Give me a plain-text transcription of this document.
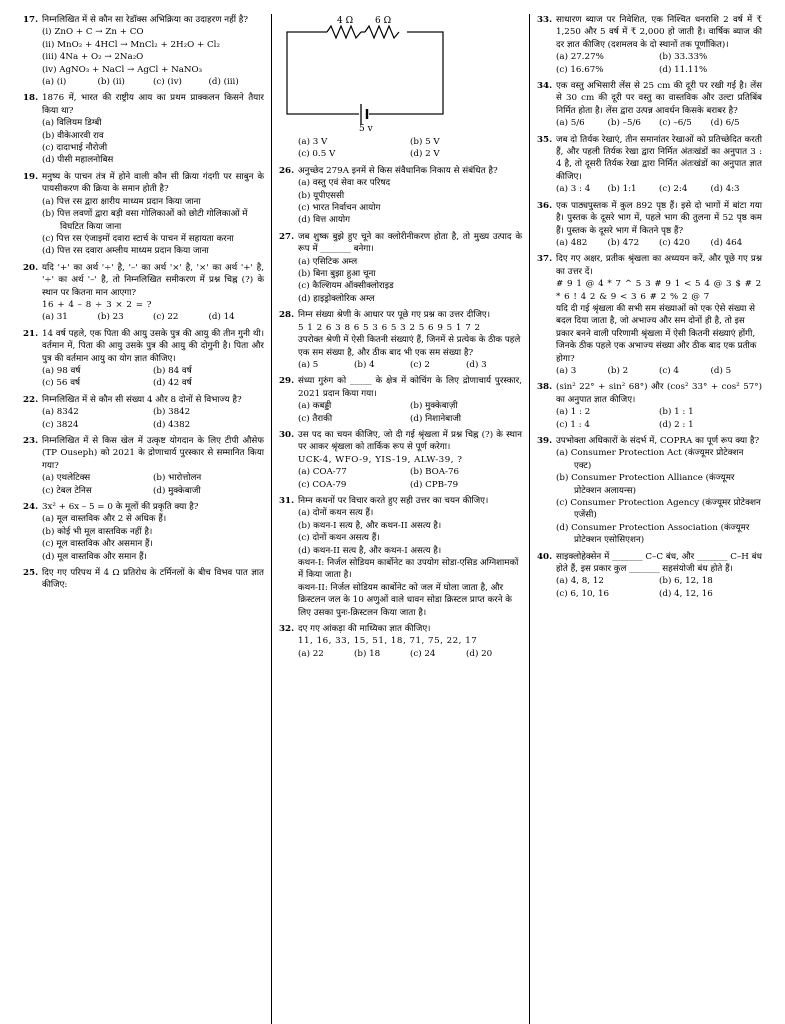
17. निम्नलिखित में से कौन सा रेडॉक्स अभिक्रिया का उदाहरण नहीं है?
(i) ZnO + C → Zn + CO
(ii) MnO₂ + 4HCl → MnCl₂ + 2H₂O + Cl₂
(iii) 4Na + O₂ → 2Na₂O
(iv) AgNO₃ + NaCl → AgCl + NaNO₃
(a) (i)	(b) (ii)	(c) (iv)	(d) (iii)
18. 1876 में, भारत की राष्ट्रीय आय का प्रथम प्राक्कलन किसने तैयार किया था?
(a) विलियम डिग्बी
(b) वीकेआरवी राव
(c) दादाभाई नौरोजी
(d) पीसी महालनोबिस
19. मनुष्य के पाचन तंत्र में होने वाली कौन सी क्रिया गंदगी पर साबुन के पायसीकरण की क्रिया के समान होती है?
(a) पित्त रस द्वारा क्षारीय माध्यम प्रदान किया जाना
(b) पित्त लवणों द्वारा बड़ी वसा गोलिकाओं को छोटी गोलिकाओं में विघटित किया जाना
(c) पित्त रस एंजाइमों दवारा स्टार्च के पाचन में सहायता करना
(d) पित्त रस दवारा अम्लीय माध्यम प्रदान किया जाना
20. यदि '+' का अर्थ '÷' है, '–' का अर्थ '×' है, '×' का अर्थ '+' है, '÷' का अर्थ '–' है, तो निम्नलिखित समीकरण में प्रश्न चिह्न (?) के स्थान पर कितना मान आएगा?
16 + 4 – 8 ÷ 3 × 2 = ?
(a) 31	(b) 23	(c) 22	(d) 14
21. 14 वर्ष पहले, एक पिता की आयु उसके पुत्र की आयु की तीन गुनी थी। वर्तमान में, पिता की आयु उसके पुत्र की आयु की दोगुनी है। पिता और पुत्र की वर्तमान आयु का योग ज्ञात कीजिए।
(a) 98 वर्ष	(b) 84 वर्ष
(c) 56 वर्ष	(d) 42 वर्ष
22. निम्नलिखित में से कौन सी संख्या 4 और 8 दोनों से विभाज्य है?
(a) 8342	(b) 3842
(c) 3824	(d) 4382
23. निम्नलिखित में से किस खेल में उत्कृष्ट योगदान के लिए टीपी औसेफ (TP Ouseph) को 2021 के द्रोणाचार्य पुरस्कार से सम्मानित किया गया?
(a) एथलेटिक्स	(b) भारोत्तोलन
(c) टेबल टेनिस	(d) मुक्केबाजी
24. 3x² + 6x – 5 = 0 के मूलों की प्रकृति क्या है?
(a) मूल वास्तविक और 2 से अधिक हैं।
(b) कोई भी मूल वास्तविक नहीं है।
(c) मूल वास्तविक और असमान हैं।
(d) मूल वास्तविक और समान हैं।
25. दिए गए परिपथ में 4 Ω प्रतिरोध के टर्मिनलों के बीच विभव पात ज्ञात कीजिए:
4 Ω 6 Ω
5 v
(a) 3 V	(b) 5 V
(c) 0.5 V	(d) 2 V
26. अनुच्छेद 279A इनमें से किस संवैधानिक निकाय से संबंधित है?
(a) वस्तु एवं सेवा कर परिषद
(b) यूपीएससी
(c) भारत निर्वाचन आयोग
(d) वित्त आयोग
27. जब शुष्क बुझे हुए चूने का क्लोरीनीकरण होता है, तो मुख्य उत्पाद के रूप में _______ बनेगा।
(a) एसिटिक अम्ल
(b) बिना बुझा हुआ चूना
(c) कैल्शियम ऑक्सीक्लोराइड
(d) हाइड्रोक्लोरिक अम्ल
28. निम्न संख्या श्रेणी के आधार पर पूछे गए प्रश्न का उत्तर दीजिए।
5 1 2 6 3 8 6 5 3 6 5 3 2 5 6 9 5 1 7 2
उपरोक्त श्रेणी में ऐसी कितनी संख्याएं हैं, जिनमें से प्रत्येक के ठीक पहले एक सम संख्या है, और ठीक बाद भी एक सम संख्या है?
(a) 5	(b) 4	(c) 2	(d) 3
29. संध्या गुरुंग को _____ के क्षेत्र में कोचिंग के लिए द्रोणाचार्य पुरस्कार, 2021 प्रदान किया गया।
(a) कबड्डी	(b) मुक्केबाज़ी
(c) तैराकी	(d) निशानेबाजी
30. उस पद का चयन कीजिए, जो दी गई श्रृंखला में प्रश्न चिह्न (?) के स्थान पर आकर श्रृंखला को तार्किक रूप से पूर्ण करेगा।
UCK-4, WFO-9, YIS-19, ALW-39, ?
(a) COA-77	(b) BOA-76
(c) COA-79	(d) CPB-79
31. निम्न कथनों पर विचार करते हुए सही उत्तर का चयन कीजिए।
(a) दोनों कथन सत्य हैं।
(b) कथन-I सत्य है, और कथन-II असत्य है।
(c) दोनों कथन असत्य हैं।
(d) कथन-II सत्य है, और कथन-I असत्य है।
कथन-I: निर्जल सोडियम कार्बोनेट का उपयोग सोडा-एसिड अग्निशामकों में किया जाता है।
कथन-II: निर्जल सोडियम कार्बोनेट को जल में घोला जाता है, और क्रिस्टलन जल के 10 अणुओं वाले धावन सोडा क्रिस्टल प्राप्त करने के लिए उसका पुनः-क्रिस्टलन किया जाता है।
32. दए गए आंकड़ा की माध्यिका ज्ञात कीजिए।
11, 16, 33, 15, 51, 18, 71, 75, 22, 17
(a) 22	(b) 18	(c) 24	(d) 20
33. साधारण ब्याज पर निवेशित, एक निश्चित धनराशि 2 वर्ष में ₹ 1,250 और 5 वर्ष में ₹ 2,000 हो जाती है। वार्षिक ब्याज की दर ज्ञात कीजिए (दशमलव के दो स्थानों तक पूर्णांकित)।
(a) 27.27%	(b) 33.33%
(c) 16.67%	(d) 11.11%
34. एक वस्तु अभिसारी लेंस से 25 cm की दूरी पर रखी गई है। लेंस से 30 cm की दूरी पर वस्तु का वास्तविक और उल्टा प्रतिबिंब निर्मित होता है। लेंस द्वारा उत्पन्न आवर्धन किसके बराबर है?
(a) 5/6	(b) –5/6	(c) –6/5	(d) 6/5
35. जब दो तिर्यक रेखाएं, तीन समानांतर रेखाओं को प्रतिच्छेदित करती हैं, और पहली तिर्यक रेखा द्वारा निर्मित अंतःखंडों का अनुपात 3 : 4 है, तो दूसरी तिर्यक रेखा द्वारा निर्मित अंतःखंडों का अनुपात ज्ञात कीजिए।
(a) 3 : 4	(b) 1:1	(c) 2:4	(d) 4:3
36. एक पाठ्यपुस्तक में कुल 892 पृष्ठ हैं। इसे दो भागों में बांटा गया है। पुस्तक के दूसरे भाग में, पहले भाग की तुलना में 52 पृष्ठ कम हैं। पुस्तक के दूसरे भाग में कितने पृष्ठ हैं?
(a) 482	(b) 472	(c) 420	(d) 464
37. दिए गए अक्षर, प्रतीक श्रृंखला का अध्ययन करें, और पूछे गए प्रश्न का उत्तर दें।
# 9 1 @ 4 * 7 ^ 5 3 # 9 1 < 5 4 @ 3 $ # 2 * 6 ! 4 2 & 9 < 3 6 # 2 % 2 @ 7
यदि दी गई श्रृंखला की सभी सम संख्याओं को एक ऐसे संख्या से बदल दिया जाता है, जो अभाज्य और सम दोनों ही है, तो इस प्रकार बनने वाली परिणामी श्रृंखला में ऐसी कितनी संख्याएं होंगी, जिनके ठीक पहले एक अभाज्य संख्या और ठीक बाद एक प्रतीक होगा?
(a) 3	(b) 2	(c) 4	(d) 5
38. (sin² 22° + sin² 68°) और (cos² 33° + cos² 57°) का अनुपात ज्ञात कीजिए।
(a) 1 : 2	(b) 1 : 1
(c) 1 : 4	(d) 2 : 1
39. उपभोक्ता अधिकारों के संदर्भ में, COPRA का पूर्ण रूप क्या है?
(a) Consumer Protection Act (कंज्यूमर प्रोटेक्शन एक्ट)
(b) Consumer Protection Alliance (कंज्यूमर प्रोटेक्शन अलायन्स)
(c) Consumer Protection Agency (कंज्यूमर प्रोटेक्शन एजेंसी)
(d) Consumer Protection Association (कंज्यूमर प्रोटेक्शन एसोसिएशन)
40. साइक्लोहेक्सेन में _______ C–C बंध, और _______ C–H बंध होते हैं, इस प्रकार कुल _______ सहसंयोजी बंध होते हैं।
(a) 4, 8, 12	(b) 6, 12, 18
(c) 6, 10, 16	(d) 4, 12, 16
